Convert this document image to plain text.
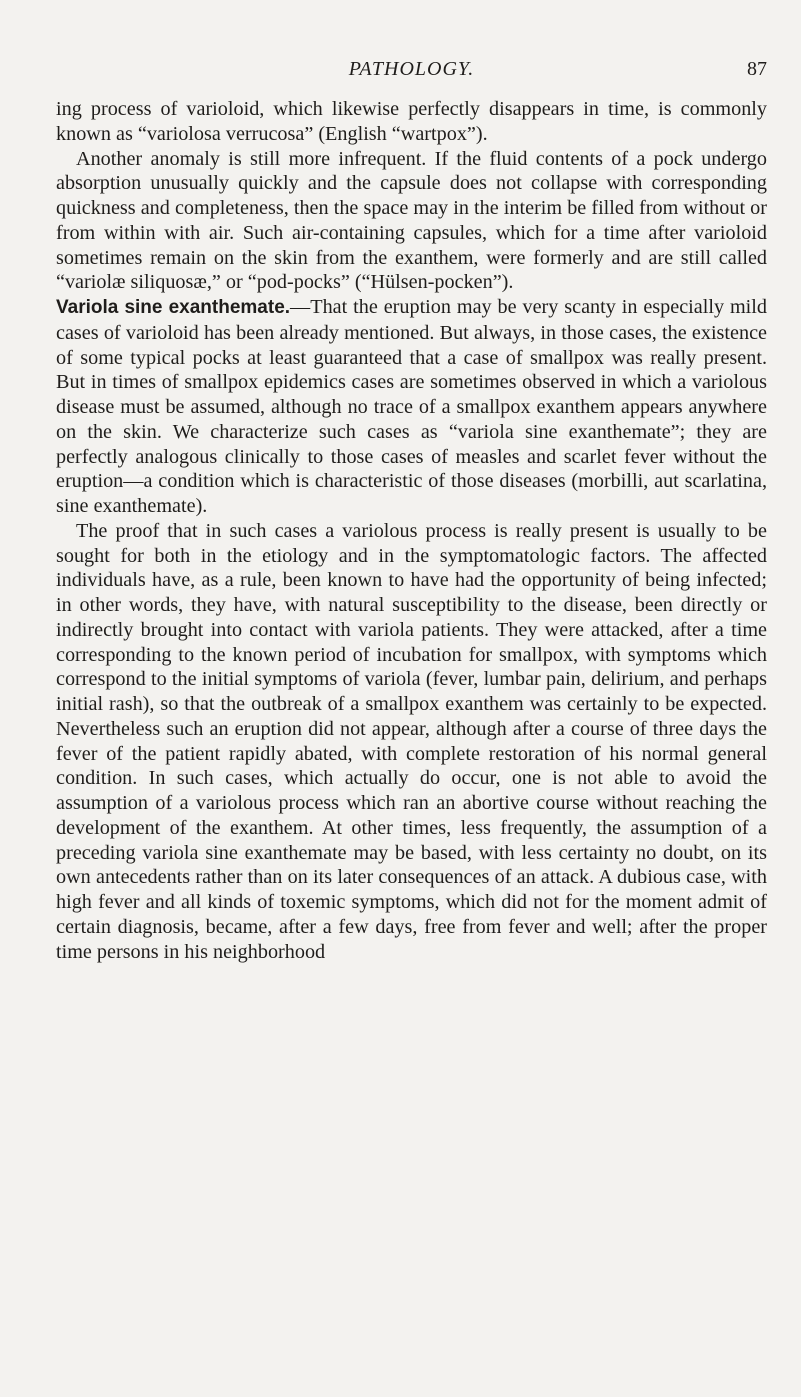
PATHOLOGY.	87

ing process of varioloid, which likewise perfectly disappears in time, is commonly known as “variolosa verrucosa” (English “wartpox”).

Another anomaly is still more infrequent. If the fluid contents of a pock undergo absorption unusually quickly and the capsule does not collapse with corresponding quickness and completeness, then the space may in the interim be filled from without or from within with air. Such air-containing capsules, which for a time after varioloid sometimes remain on the skin from the exanthem, were formerly and are still called “variolæ siliquosæ,” or “pod-pocks” (“Hülsen-pocken”).

Variola sine exanthemate.—That the eruption may be very scanty in especially mild cases of varioloid has been already mentioned. But always, in those cases, the existence of some typical pocks at least guaranteed that a case of smallpox was really present. But in times of smallpox epidemics cases are sometimes observed in which a variolous disease must be assumed, although no trace of a smallpox exanthem appears anywhere on the skin. We characterize such cases as “variola sine exanthemate”; they are perfectly analogous clinically to those cases of measles and scarlet fever without the eruption—a condition which is characteristic of those diseases (morbilli, aut scarlatina, sine exanthemate).

The proof that in such cases a variolous process is really present is usually to be sought for both in the etiology and in the symptomatologic factors. The affected individuals have, as a rule, been known to have had the opportunity of being infected; in other words, they have, with natural susceptibility to the disease, been directly or indirectly brought into contact with variola patients. They were attacked, after a time corresponding to the known period of incubation for smallpox, with symptoms which correspond to the initial symptoms of variola (fever, lumbar pain, delirium, and perhaps initial rash), so that the outbreak of a smallpox exanthem was certainly to be expected. Nevertheless such an eruption did not appear, although after a course of three days the fever of the patient rapidly abated, with complete restoration of his normal general condition. In such cases, which actually do occur, one is not able to avoid the assumption of a variolous process which ran an abortive course without reaching the development of the exanthem. At other times, less frequently, the assumption of a preceding variola sine exanthemate may be based, with less certainty no doubt, on its own antecedents rather than on its later consequences of an attack. A dubious case, with high fever and all kinds of toxemic symptoms, which did not for the moment admit of certain diagnosis, became, after a few days, free from fever and well; after the proper time persons in his neighborhood
